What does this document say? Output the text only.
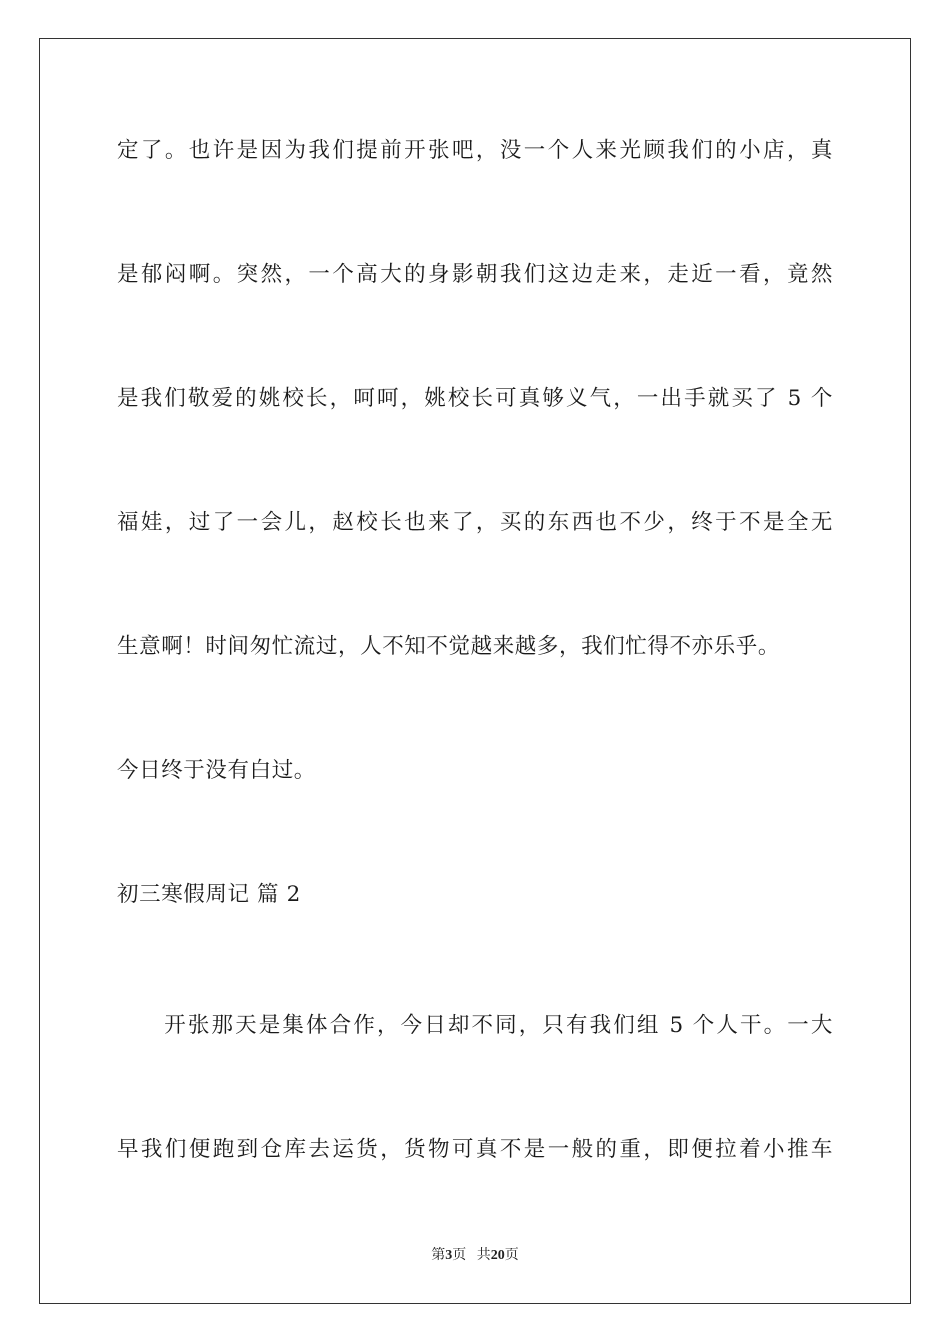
定了。也许是因为我们提前开张吧，没一个人来光顾我们的小店，真
是郁闷啊。突然，一个高大的身影朝我们这边走来，走近一看，竟然
是我们敬爱的姚校长，呵呵，姚校长可真够义气，一出手就买了 5 个
福娃，过了一会儿，赵校长也来了，买的东西也不少，终于不是全无
生意啊！时间匆忙流过，人不知不觉越来越多，我们忙得不亦乐乎。
今日终于没有白过。
初三寒假周记 篇 2
　　开张那天是集体合作，今日却不同，只有我们组 5 个人干。一大
早我们便跑到仓库去运货，货物可真不是一般的重，即便拉着小推车
第3页 共20页
